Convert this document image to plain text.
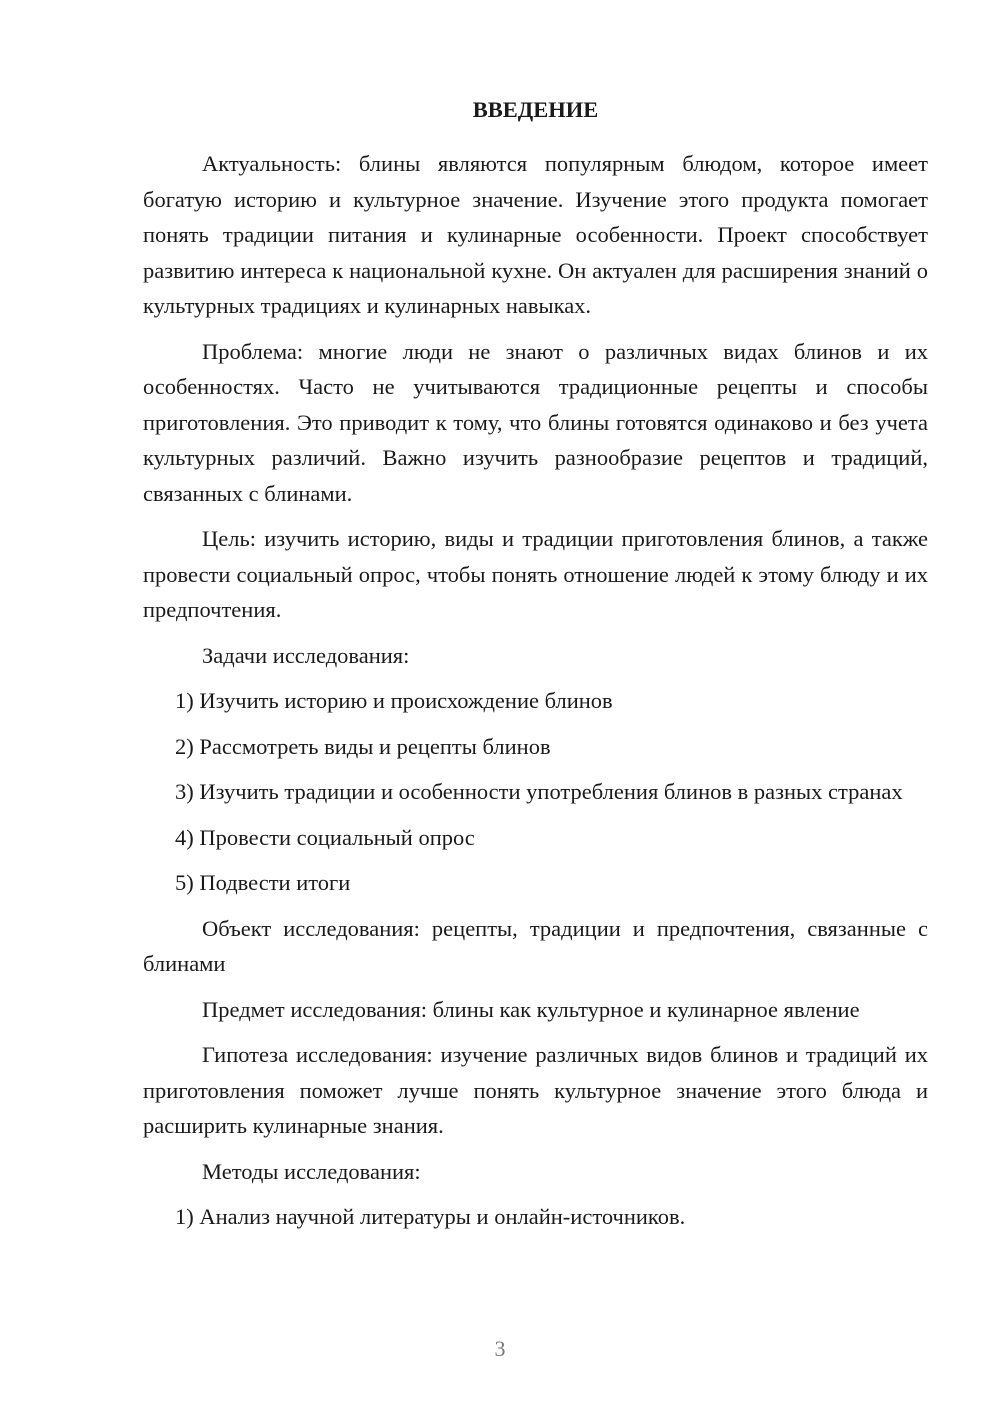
ВВЕДЕНИЕ

Актуальность: блины являются популярным блюдом, которое имеет богатую историю и культурное значение. Изучение этого продукта помогает понять традиции питания и кулинарные особенности. Проект способствует развитию интереса к национальной кухне. Он актуален для расширения знаний о культурных традициях и кулинарных навыках.

Проблема: многие люди не знают о различных видах блинов и их особенностях. Часто не учитываются традиционные рецепты и способы приготовления. Это приводит к тому, что блины готовятся одинаково и без учета культурных различий. Важно изучить разнообразие рецептов и традиций, связанных с блинами.

Цель: изучить историю, виды и традиции приготовления блинов, а также провести социальный опрос, чтобы понять отношение людей к этому блюду и их предпочтения.

Задачи исследования:

1) Изучить историю и происхождение блинов

2) Рассмотреть виды и рецепты блинов

3) Изучить традиции и особенности употребления блинов в разных странах

4) Провести социальный опрос

5) Подвести итоги

Объект исследования: рецепты, традиции и предпочтения, связанные с блинами

Предмет исследования: блины как культурное и кулинарное явление

Гипотеза исследования: изучение различных видов блинов и традиций их приготовления поможет лучше понять культурное значение этого блюда и расширить кулинарные знания.

Методы исследования:

1) Анализ научной литературы и онлайн-источников.

3
